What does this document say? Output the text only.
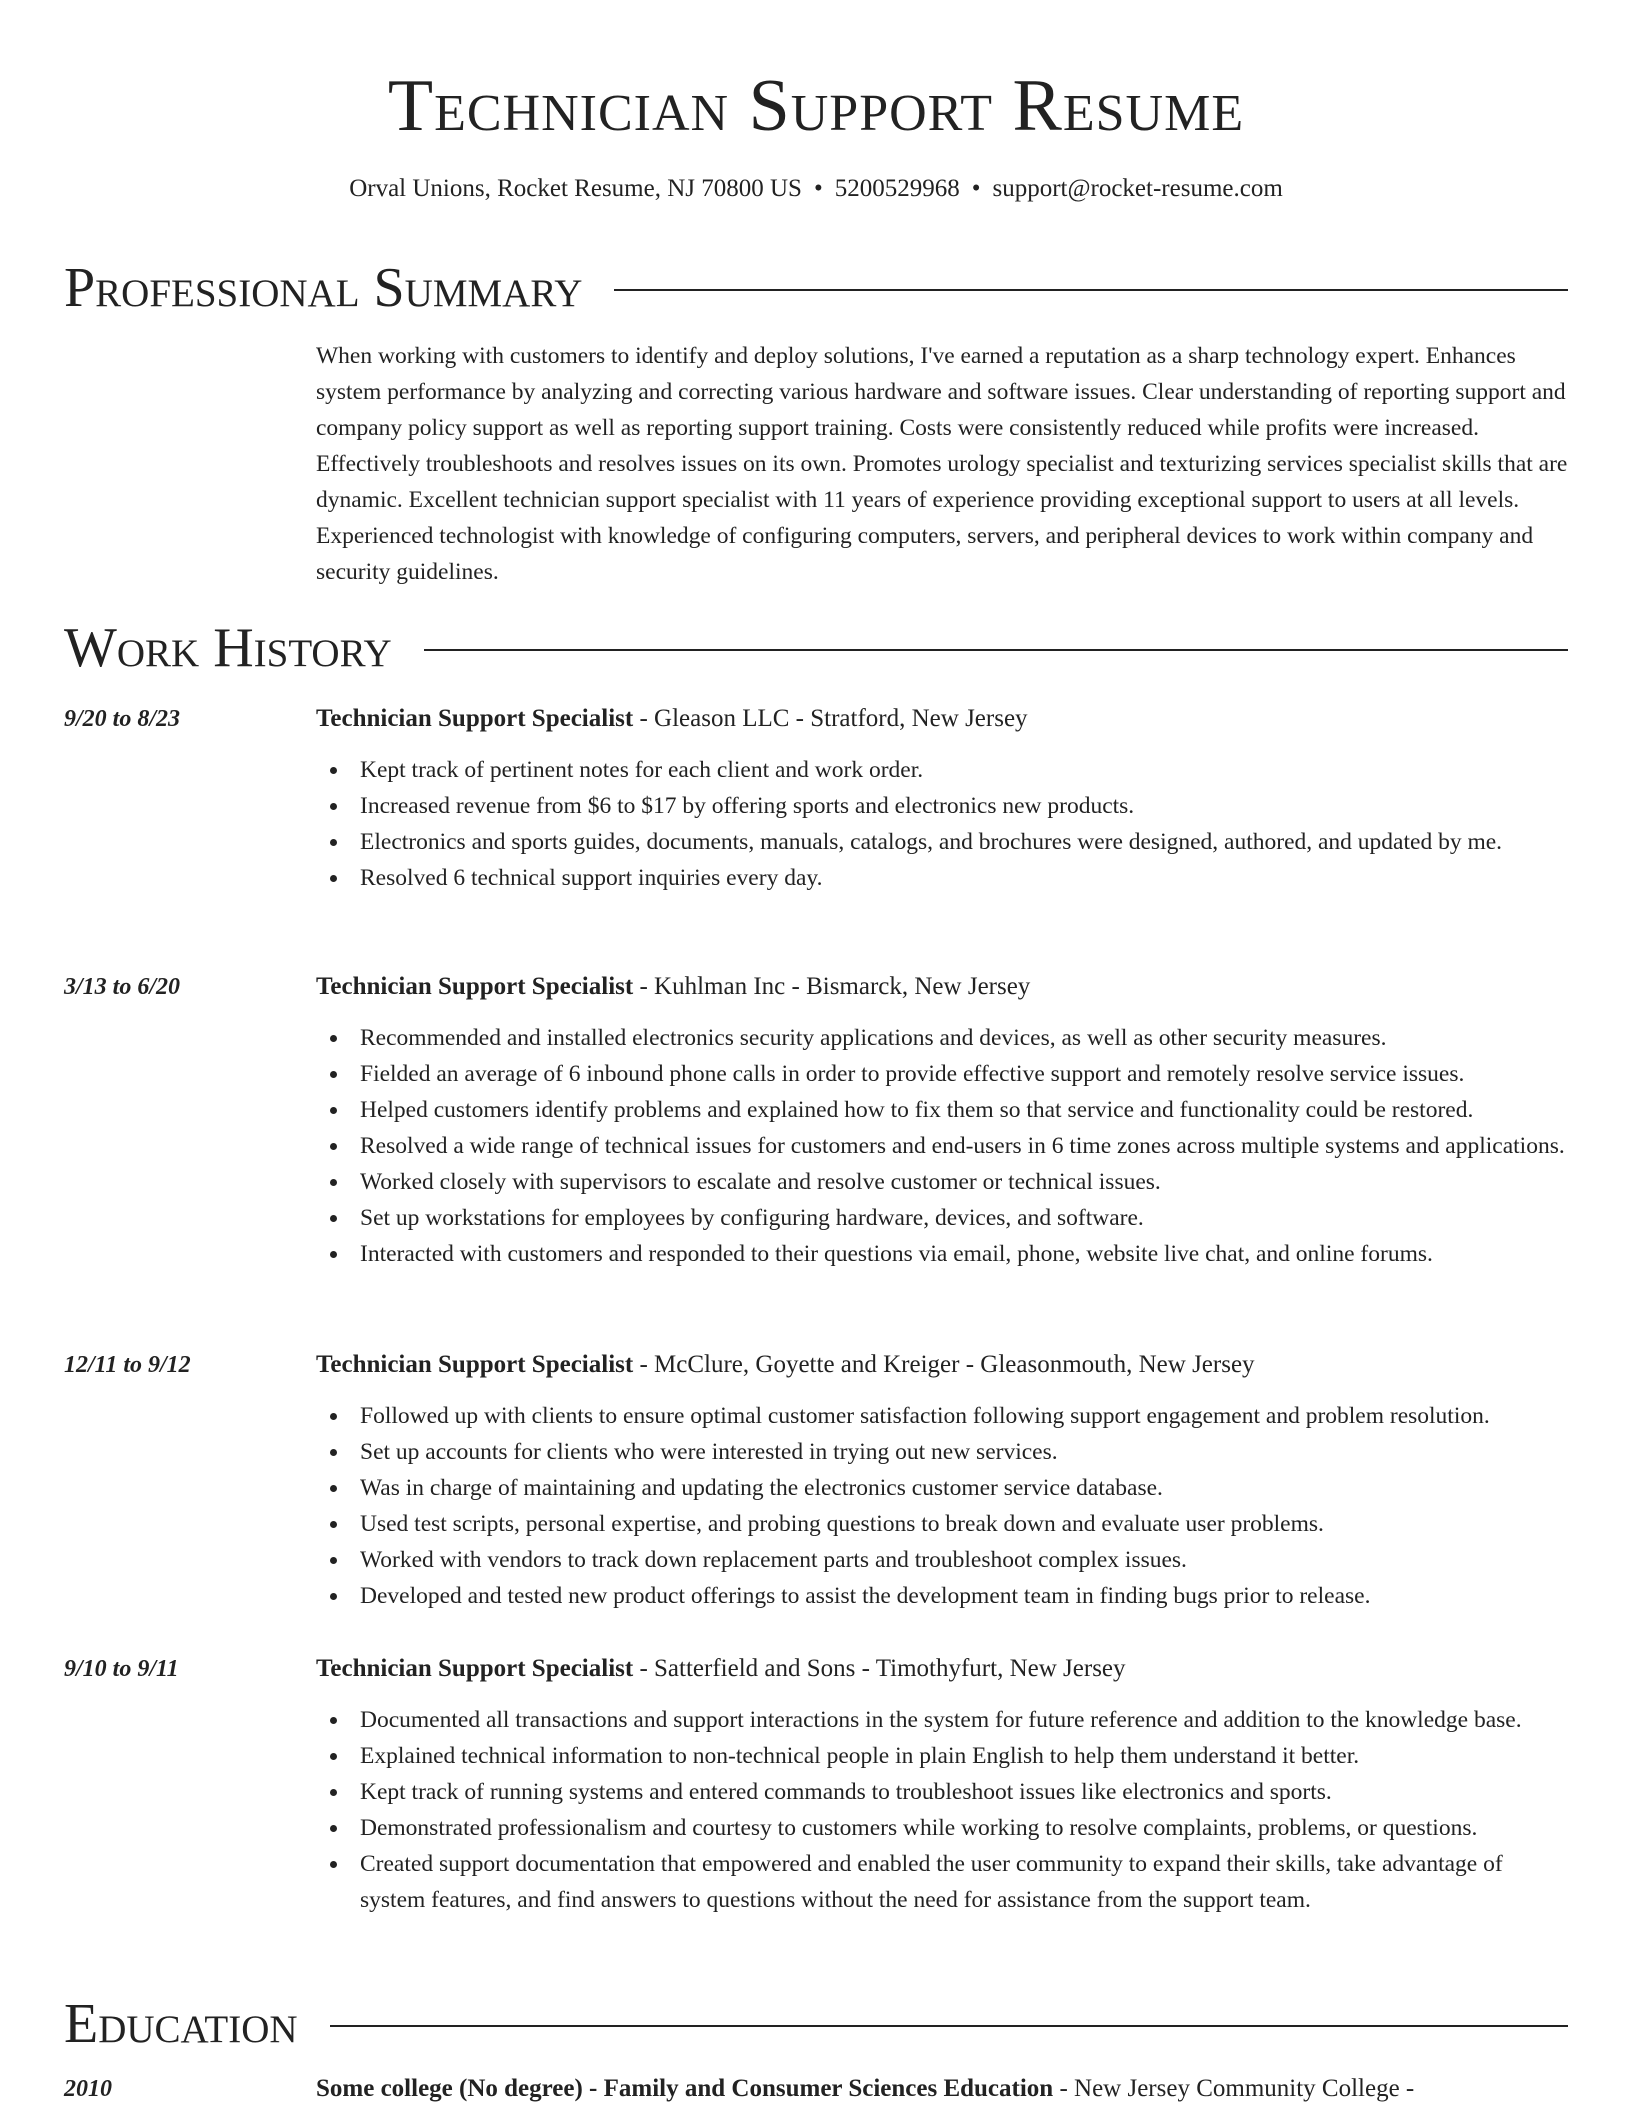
Technician Support Resume
Orval Unions, Rocket Resume, NJ 70800 US • 5200529968 • support@rocket-resume.com
Professional Summary

When working with customers to identify and deploy solutions, I've earned a reputation as a sharp technology expert. Enhances system performance by analyzing and correcting various hardware and software issues. Clear understanding of reporting support and company policy support as well as reporting support training. Costs were consistently reduced while profits were increased. Effectively troubleshoots and resolves issues on its own. Promotes urology specialist and texturizing services specialist skills that are dynamic. Excellent technician support specialist with 11 years of experience providing exceptional support to users at all levels. Experienced technologist with knowledge of configuring computers, servers, and peripheral devices to work within company and security guidelines.

Work History
9/20 to 8/23	Technician Support Specialist - Gleason LLC - Stratford, New Jersey
Kept track of pertinent notes for each client and work order.
Increased revenue from $6 to $17 by offering sports and electronics new products.
Electronics and sports guides, documents, manuals, catalogs, and brochures were designed, authored, and updated by me.
Resolved 6 technical support inquiries every day.
3/13 to 6/20	Technician Support Specialist - Kuhlman Inc - Bismarck, New Jersey
Recommended and installed electronics security applications and devices, as well as other security measures.
Fielded an average of 6 inbound phone calls in order to provide effective support and remotely resolve service issues.
Helped customers identify problems and explained how to fix them so that service and functionality could be restored.
Resolved a wide range of technical issues for customers and end-users in 6 time zones across multiple systems and applications.
Worked closely with supervisors to escalate and resolve customer or technical issues.
Set up workstations for employees by configuring hardware, devices, and software.
Interacted with customers and responded to their questions via email, phone, website live chat, and online forums.
12/11 to 9/12	Technician Support Specialist - McClure, Goyette and Kreiger - Gleasonmouth, New Jersey
Followed up with clients to ensure optimal customer satisfaction following support engagement and problem resolution.
Set up accounts for clients who were interested in trying out new services.
Was in charge of maintaining and updating the electronics customer service database.
Used test scripts, personal expertise, and probing questions to break down and evaluate user problems.
Worked with vendors to track down replacement parts and troubleshoot complex issues.
Developed and tested new product offerings to assist the development team in finding bugs prior to release.
9/10 to 9/11	Technician Support Specialist - Satterfield and Sons - Timothyfurt, New Jersey
Documented all transactions and support interactions in the system for future reference and addition to the knowledge base.
Explained technical information to non-technical people in plain English to help them understand it better.
Kept track of running systems and entered commands to troubleshoot issues like electronics and sports.
Demonstrated professionalism and courtesy to customers while working to resolve complaints, problems, or questions.
Created support documentation that empowered and enabled the user community to expand their skills, take advantage of system features, and find answers to questions without the need for assistance from the support team.
Education
2010	Some college (No degree) - Family and Consumer Sciences Education - New Jersey Community College -
